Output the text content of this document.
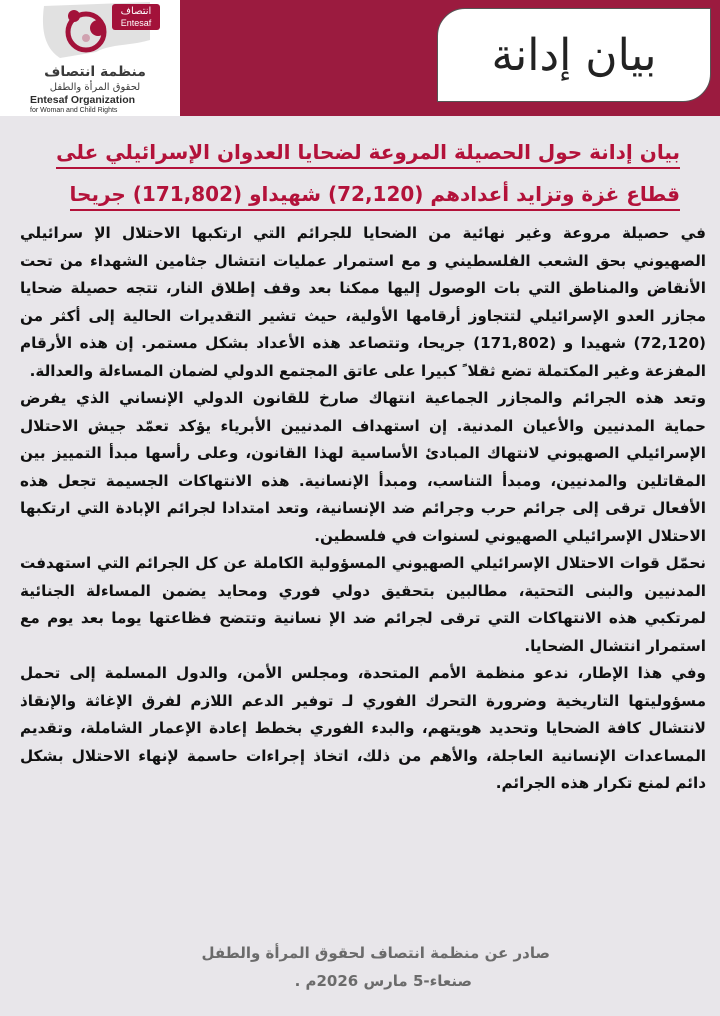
انتصاف
Entesaf
منظمة انتصاف
لحقوق المرأة والطفل
Entesaf Organization
for Woman and Child Rights
بيان إدانة
بيان إدانة حول الحصيلة المروعة لضحايا العدوان الإسرائيلي على
قطاع غزة وتزايد أعدادهم (72,120) شهيداو (171,802) جريحا

في حصيلة مروعة وغير نهائية من الضحايا للجرائم التي ارتكبها الاحتلال الإ سرائيلي الصهيوني بحق الشعب الفلسطيني و مع استمرار عمليات انتشال جثامين الشهداء من تحت الأنقاض والمناطق التي بات الوصول إليها ممكنا بعد وقف إطلاق النار، تتجه حصيلة ضحايا مجازر العدو الإسرائيلي لتتجاوز أرقامها الأولية، حيث تشير التقديرات الحالية إلى أكثر من (72,120) شهيدا و (171,802) جريحا، وتتصاعد هذه الأعداد بشكل مستمر. إن هذه الأرقام المفزعة وغير المكتملة تضع ثقلا ً كبيرا على عاتق المجتمع الدولي لضمان المساءلة والعدالة.

وتعد هذه الجرائم والمجازر الجماعية انتهاك صارخ للقانون الدولي الإنساني الذي يفرض حماية المدنيين والأعيان المدنية. إن استهداف المدنيين الأبرياء يؤكد تعمّد جيش الاحتلال الإسرائيلي الصهيوني لانتهاك المبادئ الأساسية لهذا القانون، وعلى رأسها مبدأ التمييز بين المقاتلين والمدنيين، ومبدأ التناسب، ومبدأ الإنسانية. هذه الانتهاكات الجسيمة تجعل هذه الأفعال ترقى إلى جرائم حرب وجرائم ضد الإنسانية، وتعد امتدادا لجرائم الإبادة التي ارتكبها الاحتلال الإسرائيلي الصهيوني لسنوات في فلسطين.

نحمّل قوات الاحتلال الإسرائيلي الصهيوني المسؤولية الكاملة عن كل الجرائم التي استهدفت المدنيين والبنى التحتية، مطالبين بتحقيق دولي فوري ومحايد يضمن المساءلة الجنائية لمرتكبي هذه الانتهاكات التي ترقى لجرائم ضد الإ نسانية وتتضح فظاعتها يوما بعد يوم مع استمرار انتشال الضحايا.

وفي هذا الإطار، ندعو منظمة الأمم المتحدة، ومجلس الأمن، والدول المسلمة إلى تحمل مسؤوليتها التاريخية وضرورة التحرك الفوري لـ توفير الدعم اللازم لفرق الإغاثة والإنقاذ لانتشال كافة الضحايا وتحديد هويتهم، والبدء الفوري بخطط إعادة الإعمار الشاملة، وتقديم المساعدات الإنسانية العاجلة، والأهم من ذلك، اتخاذ إجراءات حاسمة لإنهاء الاحتلال بشكل دائم لمنع تكرار هذه الجرائم.

صادر عن منظمة انتصاف لحقوق المرأة والطفل
صنعاء-5 مارس 2026م .
